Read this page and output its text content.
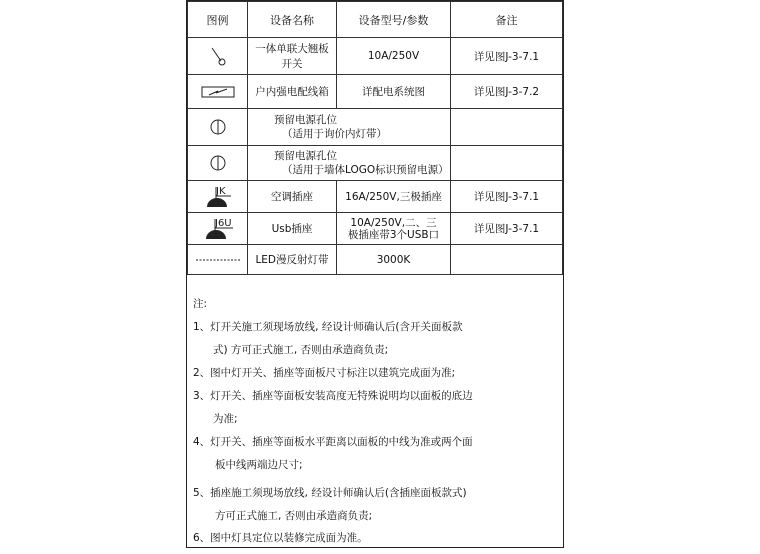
图例	设备名称	设备型号/参数	备注

	一体单联大翘板开关	10A/250V	详见图J-3-7.1

	户内强电配线箱	详配电系统图	详见图J-3-7.2

	预留电源孔位
（适用于询价内灯带）		

	预留电源孔位
（适用于墙体LOGO标识预留电源）		

JK	空调插座	16A/250V,三极插座	详见图J-3-7.1

J6U	Usb插座	10A/250V,二、三
极插座带3个USB口	详见图J-3-7.1

	LED漫反射灯带	3000K	
注:
1、灯开关施工须现场放线, 经设计师确认后(含开关面板款
式) 方可正式施工, 否则由承造商负责;
2、图中灯开关、插座等面板尺寸标注以建筑完成面为准;
3、灯开关、插座等面板安装高度无特殊说明均以面板的底边
为准;
4、灯开关、插座等面板水平距离以面板的中线为准或两个面
板中线两端边尺寸;
5、插座施工须现场放线, 经设计师确认后(含插座面板款式)
方可正式施工, 否则由承造商负责;
6、图中灯具定位以装修完成面为准。
